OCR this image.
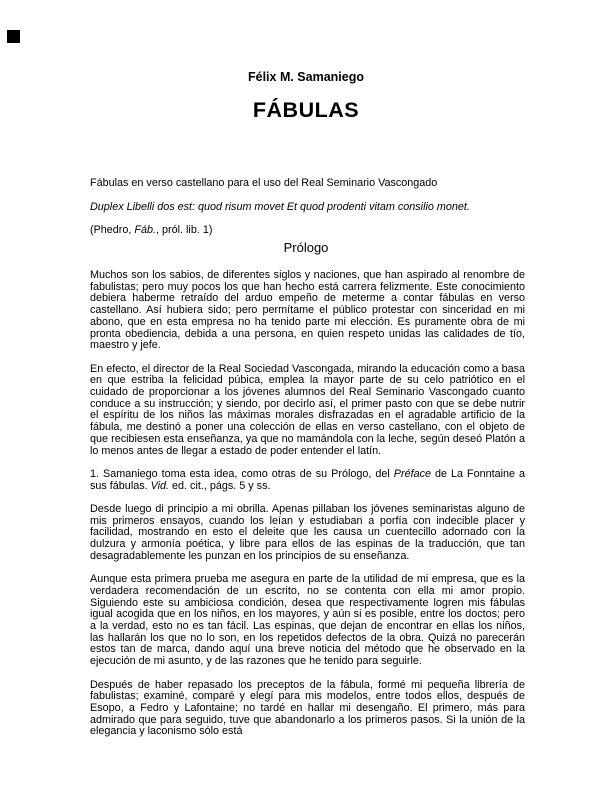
Félix M. Samaniego
FÁBULAS
Fábulas en verso castellano para el uso del Real Seminario Vascongado
Duplex Libelli dos est: quod risum movet Et quod prodenti vitam consilio monet.
(Phedro, Fáb., pról. lib. 1)
Prólogo

Muchos son los sabios, de diferentes siglos y naciones, que han aspirado al renombre de fabulistas; pero muy pocos los que han hecho está carrera felizmente. Este conocimiento debiera haberme retraído del arduo empeño de meterme a contar fábulas en verso castellano. Así hubiera sido; pero permítame el público protestar con sinceridad en mi abono, que en esta empresa no ha tenido parte mi elección. Es puramente obra de mi pronta obediencia, debida a una persona, en quien respeto unidas las calidades de tío, maestro y jefe.

En efecto, el director de la Real Sociedad Vascongada, mirando la educación como a basa en que estriba la felicidad púbica, emplea la mayor parte de su celo patriótico en el cuidado de proporcionar a los jóvenes alumnos del Real Seminario Vascongado cuanto conduce a su instrucción; y siendo, por decirlo así, el primer pasto con que se debe nutrir el espíritu de los niños las máximas morales disfrazadas en el agradable artificio de la fábula, me destinó a poner una colección de ellas en verso castellano, con el objeto de que recibiesen esta enseñanza, ya que no mamándola con la leche, según deseó Platón a lo menos antes de llegar a estado de poder entender el latín.

1. Samaniego toma esta idea, como otras de su Prólogo, del Préface de La Fonntaine a sus fábulas. Vid. ed. cit., págs. 5 y ss.

Desde luego di principio a mi obrilla. Apenas pillaban los jóvenes seminaristas alguno de mis primeros ensayos, cuando los leían y estudiaban a porfía con indecible placer y facilidad, mostrando en esto el deleite que les causa un cuentecillo adornado con la dulzura y armonía poética, y libre para ellos de las espinas de la traducción, que tan desagradablemente les punzan en los principios de su enseñanza.

Aunque esta primera prueba me asegura en parte de la utilidad de mi empresa, que es la verdadera recomendación de un escrito, no se contenta con ella mi amor propio. Siguiendo este su ambiciosa condición, desea que respectivamente logren mis fábulas igual acogida que en los niños, en los mayores, y aún si es posible, entre los doctos; pero a la verdad, esto no es tan fácil. Las espinas, que dejan de encontrar en ellas los niños, las hallarán los que no lo son, en los repetidos defectos de la obra. Quizá no parecerán estos tan de marca, dando aquí una breve noticia del método que he observado en la ejecución de mi asunto, y de las razones que he tenido para seguirle.

Después de haber repasado los preceptos de la fábula, formé mi pequeña librería de fabulistas; examiné, comparé y elegí para mis modelos, entre todos ellos, después de Esopo, a Fedro y Lafontaine; no tardé en hallar mi desengaño. El primero, más para admirado que para seguido, tuve que abandonarlo a los primeros pasos. Si la unión de la elegancia y laconismo sólo está
